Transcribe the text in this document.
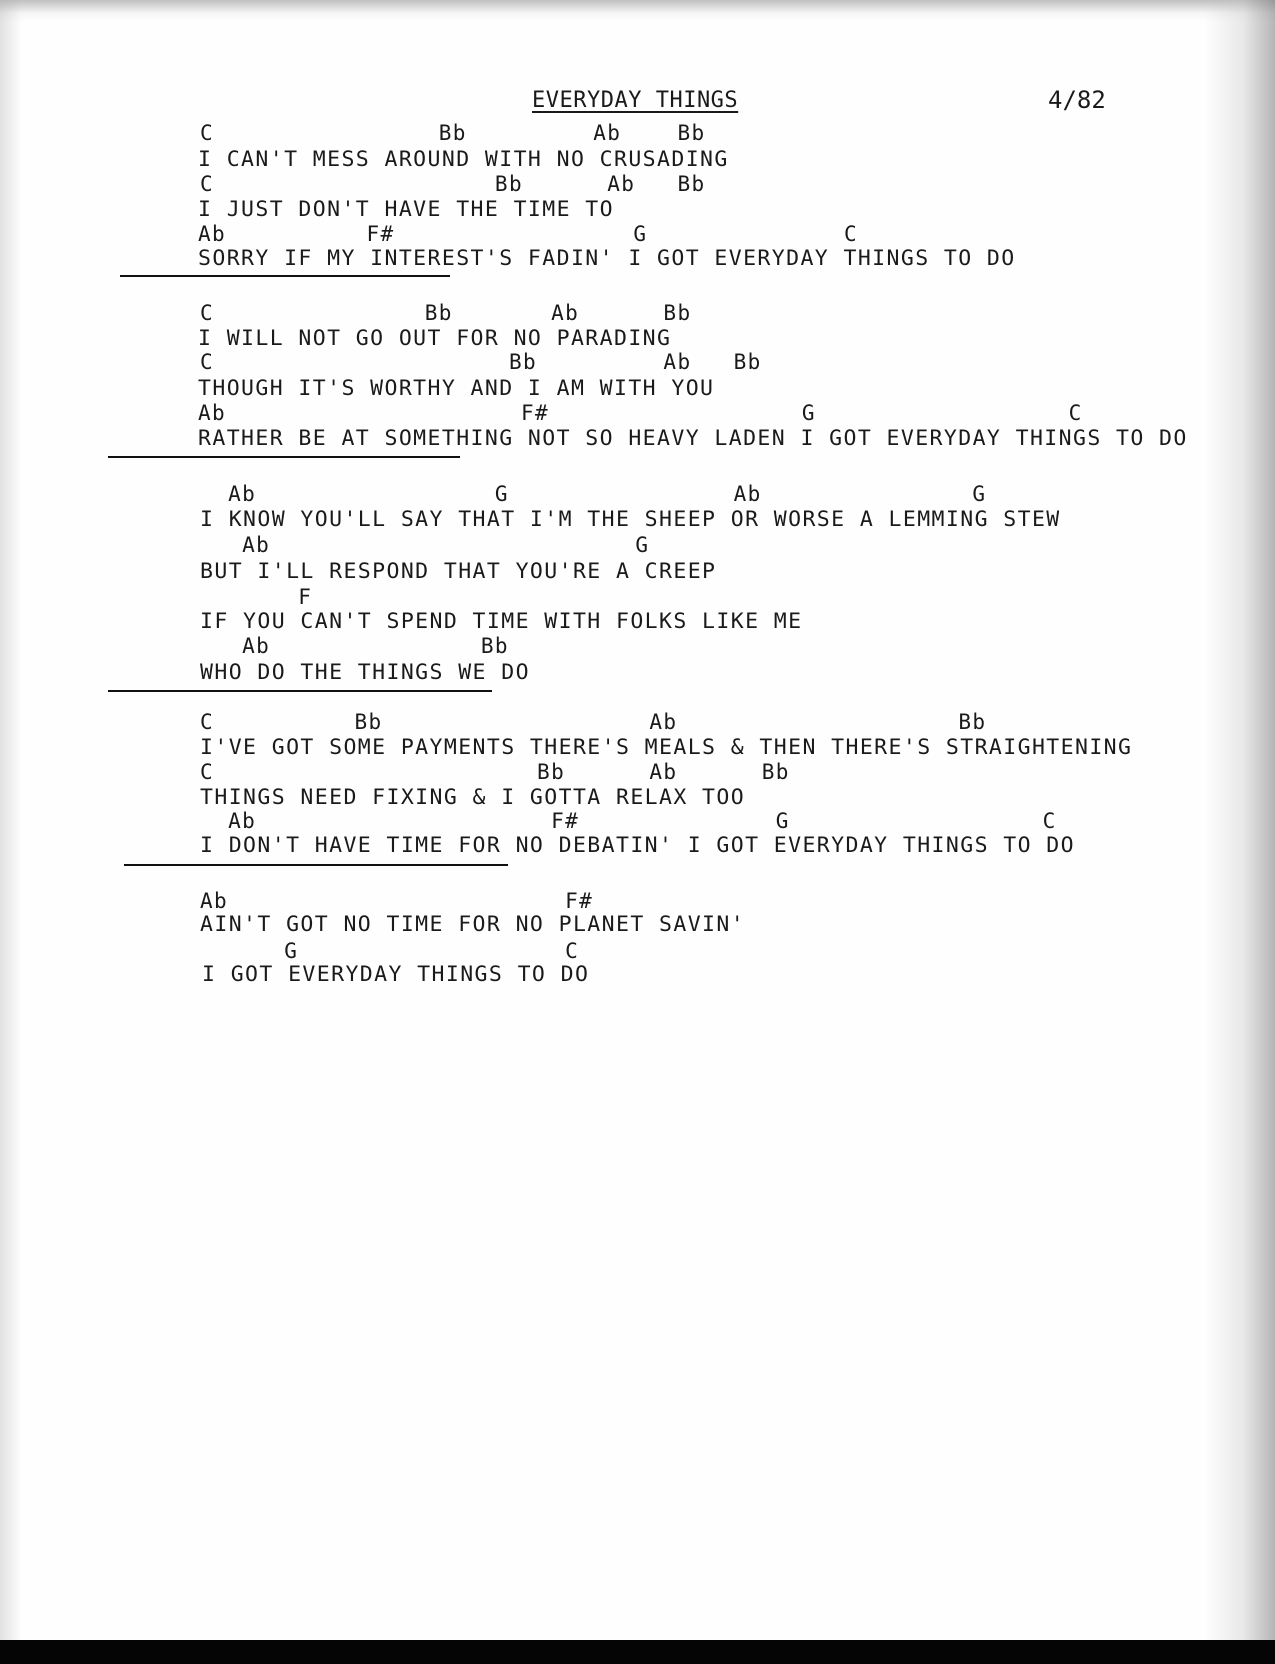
EVERYDAY THINGS	4/82
C                Bb         Ab    Bb
I CAN'T MESS AROUND WITH NO CRUSADING
C                    Bb      Ab   Bb
I JUST DON'T HAVE THE TIME TO
Ab          F#                 G              C
SORRY IF MY INTEREST'S FADIN' I GOT EVERYDAY THINGS TO DO
C               Bb       Ab      Bb
I WILL NOT GO OUT FOR NO PARADING
C                     Bb         Ab   Bb
THOUGH IT'S WORTHY AND I AM WITH YOU
Ab                     F#                  G                  C
RATHER BE AT SOMETHING NOT SO HEAVY LADEN I GOT EVERYDAY THINGS TO DO
Ab                 G                Ab               G
I KNOW YOU'LL SAY THAT I'M THE SHEEP OR WORSE A LEMMING STEW
Ab                          G
BUT I'LL RESPOND THAT YOU'RE A CREEP
F
IF YOU CAN'T SPEND TIME WITH FOLKS LIKE ME
Ab               Bb
WHO DO THE THINGS WE DO
C          Bb                   Ab                    Bb
I'VE GOT SOME PAYMENTS THERE'S MEALS & THEN THERE'S STRAIGHTENING
C                       Bb      Ab      Bb
THINGS NEED FIXING & I GOTTA RELAX TOO
Ab                     F#              G                  C
I DON'T HAVE TIME FOR NO DEBATIN' I GOT EVERYDAY THINGS TO DO
Ab                        F#
AIN'T GOT NO TIME FOR NO PLANET SAVIN'
G                   C
I GOT EVERYDAY THINGS TO DO
